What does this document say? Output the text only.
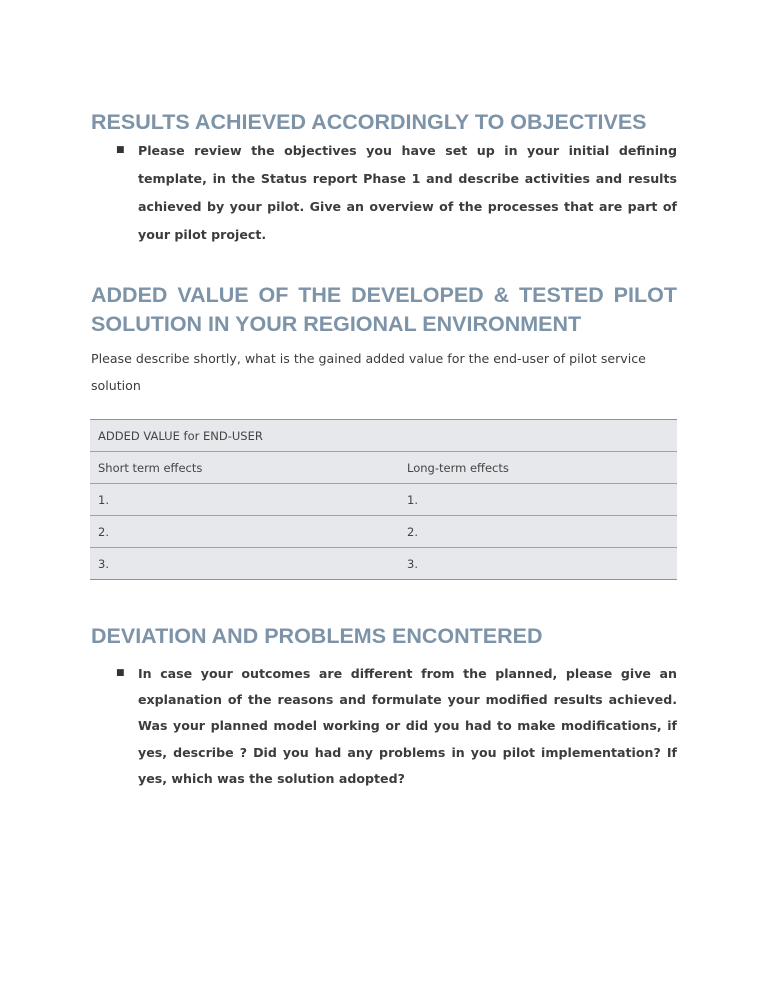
RESULTS ACHIEVED ACCORDINGLY TO OBJECTIVES
■	Please review the objectives you have set up in your initial defining template, in the Status report Phase 1 and describe activities and results achieved by your pilot. Give an overview of the processes that are part of your pilot project.

ADDED VALUE OF THE DEVELOPED & TESTED PILOT SOLUTION IN YOUR REGIONAL ENVIRONMENT

Please describe shortly, what is the gained added value for the end-user of pilot service solution

ADDED VALUE for END-USER	
Short term effects	Long-term effects
1.	1.
2.	2.
3.	3.
DEVIATION AND PROBLEMS ENCONTERED
■	In case your outcomes are different from the planned, please give an explanation of the reasons and formulate your modified results achieved. Was your planned model working or did you had to make modifications, if yes, describe ? Did you had any problems in you pilot implementation? If yes, which was the solution adopted?
